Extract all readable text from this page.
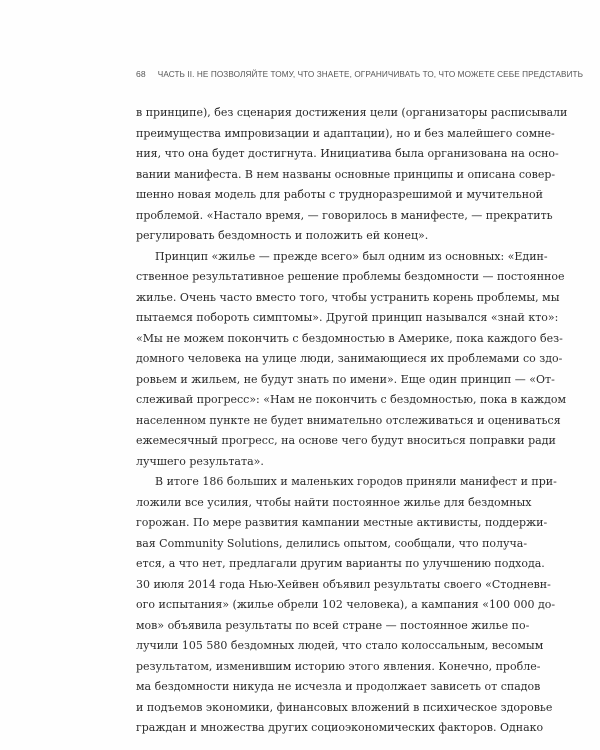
68 ЧАСТЬ II. НЕ ПОЗВОЛЯЙТЕ ТОМУ, ЧТО ЗНАЕТЕ, ОГРАНИЧИВАТЬ ТО, ЧТО МОЖЕТЕ СЕБЕ ПРЕДСТАВИТЬ
в принципе), без сценария достижения цели (организаторы расписывали
преимущества импровизации и адаптации), но и без малейшего сомне-
ния, что она будет достигнута. Инициатива была организована на осно-
вании манифеста. В нем названы основные принципы и описана совер-
шенно новая модель для работы с трудноразрешимой и мучительной
проблемой. «Настало время, — говорилось в манифесте, — прекратить
регулировать бездомность и положить ей конец».
Принцип «жилье — прежде всего» был одним из основных: «Един-
ственное результативное решение проблемы бездомности — постоянное
жилье. Очень часто вместо того, чтобы устранить корень проблемы, мы
пытаемся побороть симптомы». Другой принцип назывался «знай кто»:
«Мы не можем покончить с бездомностью в Америке, пока каждого без-
домного человека на улице люди, занимающиеся их проблемами со здо-
ровьем и жильем, не будут знать по имени». Еще один принцип — «От-
слеживай прогресс»: «Нам не покончить с бездомностью, пока в каждом
населенном пункте не будет внимательно отслеживаться и оцениваться
ежемесячный прогресс, на основе чего будут вноситься поправки ради
лучшего результата».
В итоге 186 больших и маленьких городов приняли манифест и при-
ложили все усилия, чтобы найти постоянное жилье для бездомных
горожан. По мере развития кампании местные активисты, поддержи-
вая Community Solutions, делились опытом, сообщали, что получа-
ется, а что нет, предлагали другим варианты по улучшению подхода.
30 июля 2014 года Нью-Хейвен объявил результаты своего «Стодневн-
ого испытания» (жилье обрели 102 человека), а кампания «100 000 до-
мов» объявила результаты по всей стране — постоянное жилье по-
лучили 105 580 бездомных людей, что стало колоссальным, весомым
результатом, изменившим историю этого явления. Конечно, пробле-
ма бездомности никуда не исчезла и продолжает зависеть от спадов
и подъемов экономики, финансовых вложений в психическое здоровье
граждан и множества других социоэкономических факторов. Однако
